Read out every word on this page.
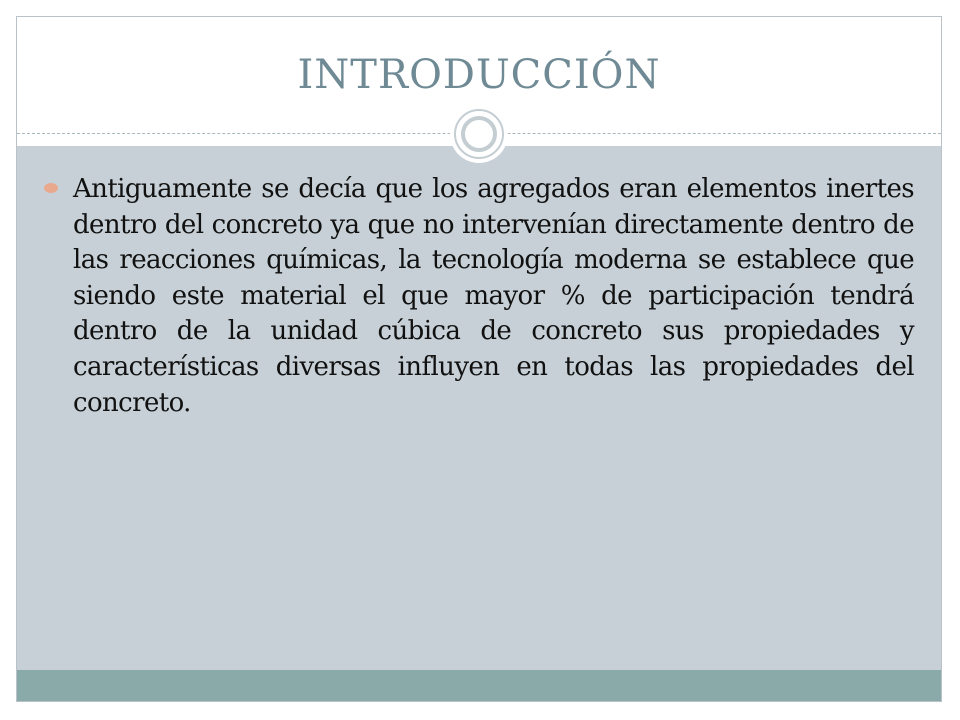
INTRODUCCIÓN
Antiguamente se decía que los agregados eran elementos inertes dentro del concreto ya que no intervenían directamente dentro de las reacciones químicas, la tecnología moderna se establece que siendo este material el que mayor % de participación tendrá dentro de la unidad cúbica de concreto sus propiedades y características diversas influyen en todas las propiedades del concreto.
